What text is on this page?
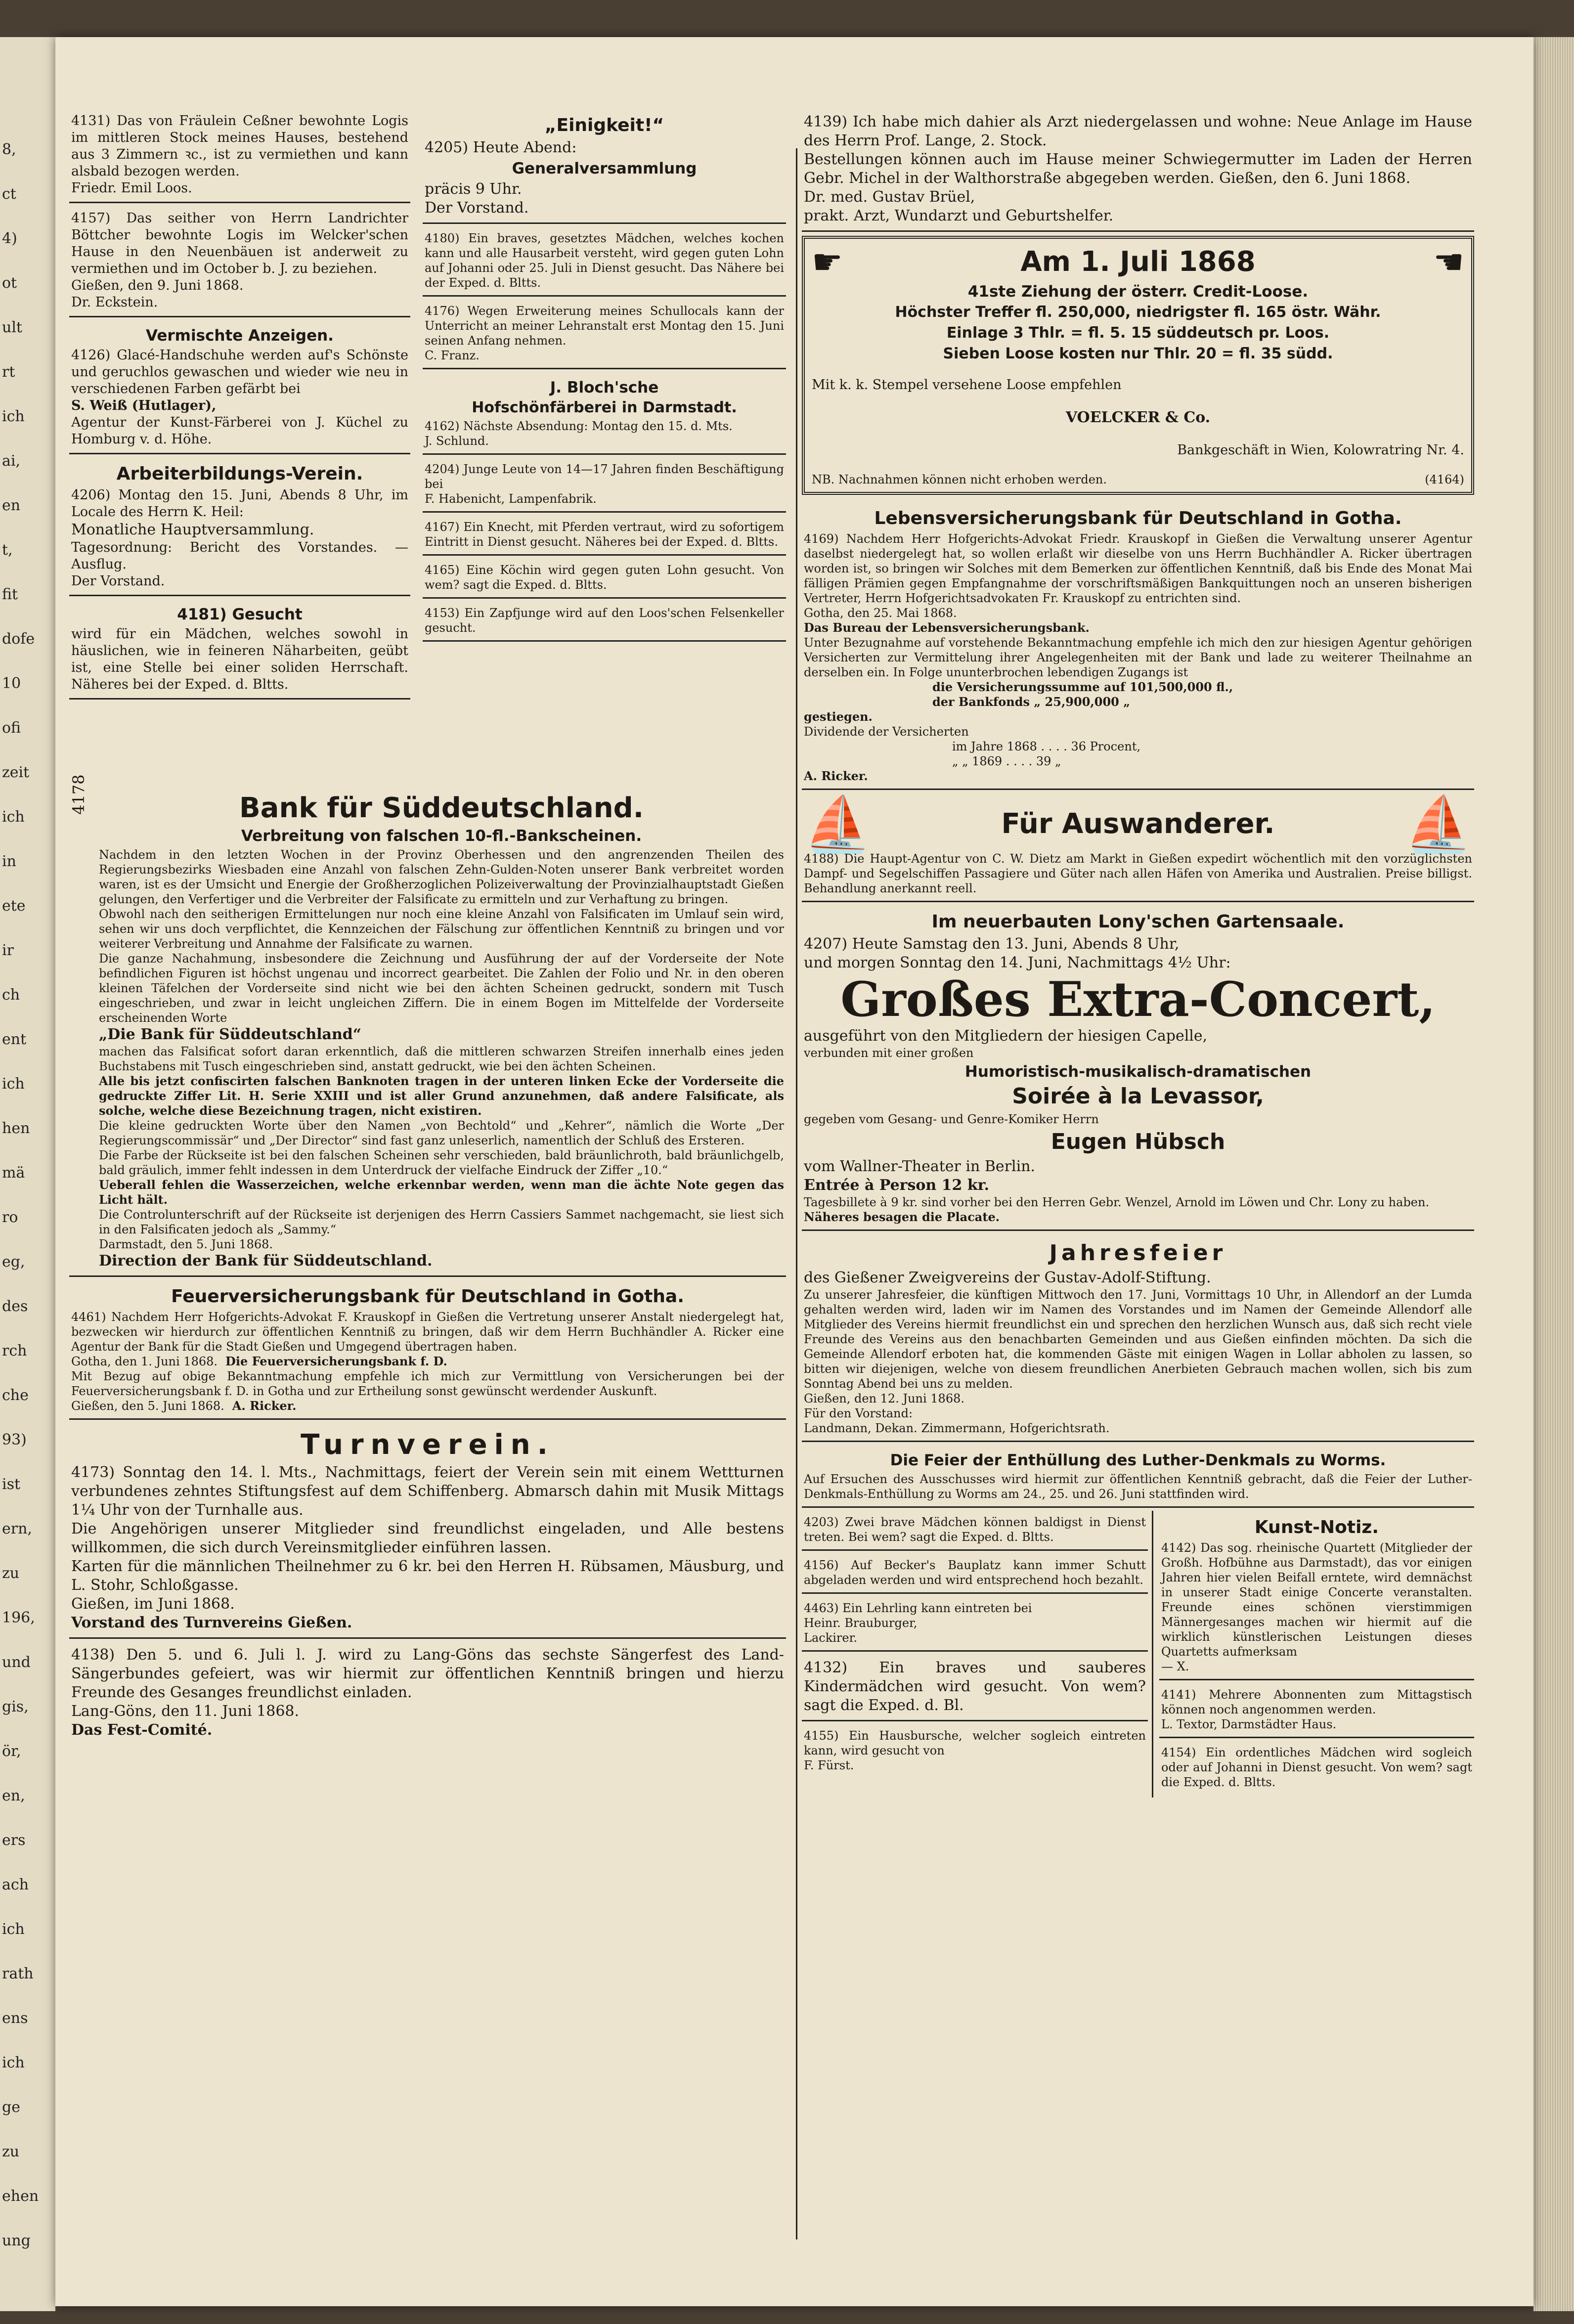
8,
ct
4)
ot
ult
rt
ich
ai,
en
t,
fit
dofe
10
ofi
zeit
ich
in
ete
ir
ch
ent
ich
hen
mä
ro
eg,
des
rch
che
93)
ist
ern,
zu
196,
und
gis,
ör,
en,
ers
ach
ich
rath
ens
ich
ge
zu
ehen
ung
4178

4131) Das von Fräulein Ceßner bewohnte Logis im mittleren Stock meines Hauses, bestehend aus 3 Zimmern ꝛc., ist zu vermiethen und kann alsbald bezogen werden.

Friedr. Emil Loos.

4157) Das seither von Herrn Landrichter Böttcher bewohnte Logis im Welcker'schen Hause in den Neuenbäuen ist anderweit zu vermiethen und im October b. J. zu beziehen.

Gießen, den 9. Juni 1868.

Dr. Eckstein.

Vermischte Anzeigen.

4126) Glacé-Handschuhe werden auf's Schönste und geruchlos gewaschen und wieder wie neu in verschiedenen Farben gefärbt bei

S. Weiß (Hutlager),

Agentur der Kunst-Färberei von J. Küchel zu Homburg v. d. Höhe.

Arbeiterbildungs-Verein.

4206) Montag den 15. Juni, Abends 8 Uhr, im Locale des Herrn K. Heil:

Monatliche Hauptversammlung.

Tagesordnung: Bericht des Vorstandes. — Ausflug.

Der Vorstand.

4181) Gesucht

wird für ein Mädchen, welches sowohl in häuslichen, wie in feineren Näharbeiten, geübt ist, eine Stelle bei einer soliden Herrschaft. Näheres bei der Exped. d. Bltts.

„Einigkeit!“

4205) Heute Abend:

Generalversammlung

präcis 9 Uhr.

Der Vorstand.

4180) Ein braves, gesetztes Mädchen, welches kochen kann und alle Hausarbeit versteht, wird gegen guten Lohn auf Johanni oder 25. Juli in Dienst gesucht. Das Nähere bei der Exped. d. Bltts.

4176) Wegen Erweiterung meines Schullocals kann der Unterricht an meiner Lehranstalt erst Montag den 15. Juni seinen Anfang nehmen.

C. Franz.

J. Bloch'sche
Hofschönfärberei in Darmstadt.

4162) Nächste Absendung: Montag den 15. d. Mts.

J. Schlund.

4204) Junge Leute von 14—17 Jahren finden Beschäftigung bei

F. Habenicht, Lampenfabrik.

4167) Ein Knecht, mit Pferden vertraut, wird zu sofortigem Eintritt in Dienst gesucht. Näheres bei der Exped. d. Bltts.

4165) Eine Köchin wird gegen guten Lohn gesucht. Von wem? sagt die Exped. d. Bltts.

4153) Ein Zapfjunge wird auf den Loos'schen Felsenkeller gesucht.

Bank für Süddeutschland.
Verbreitung von falschen 10-fl.-Bankscheinen.

Nachdem in den letzten Wochen in der Provinz Oberhessen und den angrenzenden Theilen des Regierungsbezirks Wiesbaden eine Anzahl von falschen Zehn-Gulden-Noten unserer Bank verbreitet worden waren, ist es der Umsicht und Energie der Großherzoglichen Polizeiverwaltung der Provinzialhauptstadt Gießen gelungen, den Verfertiger und die Verbreiter der Falsificate zu ermitteln und zur Verhaftung zu bringen.

Obwohl nach den seitherigen Ermittelungen nur noch eine kleine Anzahl von Falsificaten im Umlauf sein wird, sehen wir uns doch verpflichtet, die Kennzeichen der Fälschung zur öffentlichen Kenntniß zu bringen und vor weiterer Verbreitung und Annahme der Falsificate zu warnen.

Die ganze Nachahmung, insbesondere die Zeichnung und Ausführung der auf der Vorderseite der Note befindlichen Figuren ist höchst ungenau und incorrect gearbeitet. Die Zahlen der Folio und Nr. in den oberen kleinen Täfelchen der Vorderseite sind nicht wie bei den ächten Scheinen gedruckt, sondern mit Tusch eingeschrieben, und zwar in leicht ungleichen Ziffern. Die in einem Bogen im Mittelfelde der Vorderseite erscheinenden Worte

„Die Bank für Süddeutschland“

machen das Falsificat sofort daran erkenntlich, daß die mittleren schwarzen Streifen innerhalb eines jeden Buchstabens mit Tusch eingeschrieben sind, anstatt gedruckt, wie bei den ächten Scheinen.

Alle bis jetzt confiscirten falschen Banknoten tragen in der unteren linken Ecke der Vorderseite die gedruckte Ziffer Lit. H. Serie XXIII und ist aller Grund anzunehmen, daß andere Falsificate, als solche, welche diese Bezeichnung tragen, nicht existiren.

Die kleine gedruckten Worte über den Namen „von Bechtold“ und „Kehrer“, nämlich die Worte „Der Regierungscommissär“ und „Der Director“ sind fast ganz unleserlich, namentlich der Schluß des Ersteren.

Die Farbe der Rückseite ist bei den falschen Scheinen sehr verschieden, bald bräunlichroth, bald bräunlichgelb, bald gräulich, immer fehlt indessen in dem Unterdruck der vielfache Eindruck der Ziffer „10.“

Ueberall fehlen die Wasserzeichen, welche erkennbar werden, wenn man die ächte Note gegen das Licht hält.

Die Controlunterschrift auf der Rückseite ist derjenigen des Herrn Cassiers Sammet nachgemacht, sie liest sich in den Falsificaten jedoch als „Sammy.“

Darmstadt, den 5. Juni 1868.

Direction der Bank für Süddeutschland.

Feuerversicherungsbank für Deutschland in Gotha.

4461) Nachdem Herr Hofgerichts-Advokat F. Krauskopf in Gießen die Vertretung unserer Anstalt niedergelegt hat, bezwecken wir hierdurch zur öffentlichen Kenntniß zu bringen, daß wir dem Herrn Buchhändler A. Ricker eine Agentur der Bank für die Stadt Gießen und Umgegend übertragen haben.

Gotha, den 1. Juni 1868. Die Feuerversicherungsbank f. D.

Mit Bezug auf obige Bekanntmachung empfehle ich mich zur Vermittlung von Versicherungen bei der Feuerversicherungsbank f. D. in Gotha und zur Ertheilung sonst gewünscht werdender Auskunft.

Gießen, den 5. Juni 1868. A. Ricker.

Turnverein.

4173) Sonntag den 14. l. Mts., Nachmittags, feiert der Verein sein mit einem Wettturnen verbundenes zehntes Stiftungsfest auf dem Schiffenberg. Abmarsch dahin mit Musik Mittags 1¼ Uhr von der Turnhalle aus.

Die Angehörigen unserer Mitglieder sind freundlichst eingeladen, und Alle bestens willkommen, die sich durch Vereinsmitglieder einführen lassen.

Karten für die männlichen Theilnehmer zu 6 kr. bei den Herren H. Rübsamen, Mäusburg, und L. Stohr, Schloßgasse.

Gießen, im Juni 1868.

Vorstand des Turnvereins Gießen.

4138) Den 5. und 6. Juli l. J. wird zu Lang-Göns das sechste Sängerfest des Land-Sängerbundes gefeiert, was wir hiermit zur öffentlichen Kenntniß bringen und hierzu Freunde des Gesanges freundlichst einladen.

Lang-Göns, den 11. Juni 1868.

Das Fest-Comité.

4139) Ich habe mich dahier als Arzt niedergelassen und wohne: Neue Anlage im Hause des Herrn Prof. Lange, 2. Stock.

Bestellungen können auch im Hause meiner Schwiegermutter im Laden der Herren Gebr. Michel in der Walthorstraße abgegeben werden. Gießen, den 6. Juni 1868.

Dr. med. Gustav Brüel,

prakt. Arzt, Wundarzt und Geburtshelfer.

☛	Am 1. Juli 1868	☚
41ste Ziehung der österr. Credit-Loose.
Höchster Treffer fl. 250,000, niedrigster fl. 165 östr. Währ.
Einlage 3 Thlr. = fl. 5. 15 süddeutsch pr. Loos.
Sieben Loose kosten nur Thlr. 20 = fl. 35 südd.

Mit k. k. Stempel versehene Loose empfehlen

VOELCKER & Co.

Bankgeschäft in Wien, Kolowratring Nr. 4.

NB. Nachnahmen können nicht erhoben werden.	(4164)
Lebensversicherungsbank für Deutschland in Gotha.

4169) Nachdem Herr Hofgerichts-Advokat Friedr. Krauskopf in Gießen die Verwaltung unserer Agentur daselbst niedergelegt hat, so wollen erlaßt wir dieselbe von uns Herrn Buchhändler A. Ricker übertragen worden ist, so bringen wir Solches mit dem Bemerken zur öffentlichen Kenntniß, daß bis Ende des Monat Mai fälligen Prämien gegen Empfangnahme der vorschriftsmäßigen Bankquittungen noch an unseren bisherigen Vertreter, Herrn Hofgerichtsadvokaten Fr. Krauskopf zu entrichten sind.

Gotha, den 25. Mai 1868.

Das Bureau der Lebensversicherungsbank.

Unter Bezugnahme auf vorstehende Bekanntmachung empfehle ich mich den zur hiesigen Agentur gehörigen Versicherten zur Vermittelung ihrer Angelegenheiten mit der Bank und lade zu weiterer Theilnahme an derselben ein. In Folge ununterbrochen lebendigen Zugangs ist

die Versicherungssumme auf 101,500,000 fl.,

der Bankfonds „ 25,900,000 „

gestiegen.

Dividende der Versicherten

im Jahre 1868 . . . . 36 Procent,

„ „ 1869 . . . . 39 „

A. Ricker.

⛵	Für Auswanderer. ⛵

4188) Die Haupt-Agentur von C. W. Dietz am Markt in Gießen expedirt wöchentlich mit den vorzüglichsten Dampf- und Segelschiffen Passagiere und Güter nach allen Häfen von Amerika und Australien. Preise billigst. Behandlung anerkannt reell.

Im neuerbauten Lony'schen Gartensaale.

4207) Heute Samstag den 13. Juni, Abends 8 Uhr,

und morgen Sonntag den 14. Juni, Nachmittags 4½ Uhr:

Großes Extra-Concert,

ausgeführt von den Mitgliedern der hiesigen Capelle,

verbunden mit einer großen

Humoristisch-musikalisch-dramatischen
Soirée à la Levassor,

gegeben vom Gesang- und Genre-Komiker Herrn

Eugen Hübsch

vom Wallner-Theater in Berlin.

Entrée à Person 12 kr.

Tagesbillete à 9 kr. sind vorher bei den Herren Gebr. Wenzel, Arnold im Löwen und Chr. Lony zu haben.

Näheres besagen die Placate.

Jahresfeier

des Gießener Zweigvereins der Gustav-Adolf-Stiftung.

Zu unserer Jahresfeier, die künftigen Mittwoch den 17. Juni, Vormittags 10 Uhr, in Allendorf an der Lumda gehalten werden wird, laden wir im Namen des Vorstandes und im Namen der Gemeinde Allendorf alle Mitglieder des Vereins hiermit freundlichst ein und sprechen den herzlichen Wunsch aus, daß sich recht viele Freunde des Vereins aus den benachbarten Gemeinden und aus Gießen einfinden möchten. Da sich die Gemeinde Allendorf erboten hat, die kommenden Gäste mit einigen Wagen in Lollar abholen zu lassen, so bitten wir diejenigen, welche von diesem freundlichen Anerbieten Gebrauch machen wollen, sich bis zum Sonntag Abend bei uns zu melden.

Gießen, den 12. Juni 1868.

Für den Vorstand:

Landmann, Dekan. Zimmermann, Hofgerichtsrath.

Die Feier der Enthüllung des Luther-Denkmals zu Worms.

Auf Ersuchen des Ausschusses wird hiermit zur öffentlichen Kenntniß gebracht, daß die Feier der Luther-Denkmals-Enthüllung zu Worms am 24., 25. und 26. Juni stattfinden wird.

4203) Zwei brave Mädchen können baldigst in Dienst treten. Bei wem? sagt die Exped. d. Bltts.

4156) Auf Becker's Bauplatz kann immer Schutt abgeladen werden und wird entsprechend hoch bezahlt.

4463) Ein Lehrling kann eintreten bei

Heinr. Brauburger,

Lackirer.

4132) Ein braves und sauberes Kindermädchen wird gesucht. Von wem? sagt die Exped. d. Bl.

4155) Ein Hausbursche, welcher sogleich eintreten kann, wird gesucht von

F. Fürst.

Kunst-Notiz.

4142) Das sog. rheinische Quartett (Mitglieder der Großh. Hofbühne aus Darmstadt), das vor einigen Jahren hier vielen Beifall erntete, wird demnächst in unserer Stadt einige Concerte veranstalten. Freunde eines schönen vierstimmigen Männergesanges machen wir hiermit auf die wirklich künstlerischen Leistungen dieses Quartetts aufmerksam

— X.

4141) Mehrere Abonnenten zum Mittagstisch können noch angenommen werden.

L. Textor, Darmstädter Haus.

4154) Ein ordentliches Mädchen wird sogleich oder auf Johanni in Dienst gesucht. Von wem? sagt die Exped. d. Bltts.
